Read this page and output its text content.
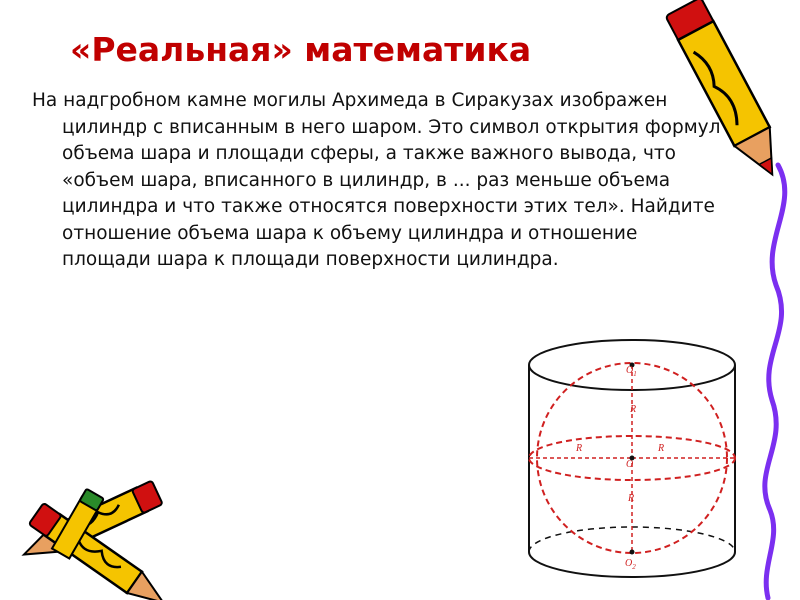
«Реальная» математика
На надгробном камне могилы Архимеда в Сиракузах изображен цилиндр с вписанным в него шаром. Это символ открытия формул объема шара и площади сферы, а также важного вывода, что «объем шара, вписанного в цилиндр, в ... раз меньше объема цилиндра и что также относятся поверхности этих тел». Найдите отношение объема шара к объему цилиндра и отношение площади шара к площади поверхности цилиндра.
$O_1$
R
R	R
O
R
$O_2$
